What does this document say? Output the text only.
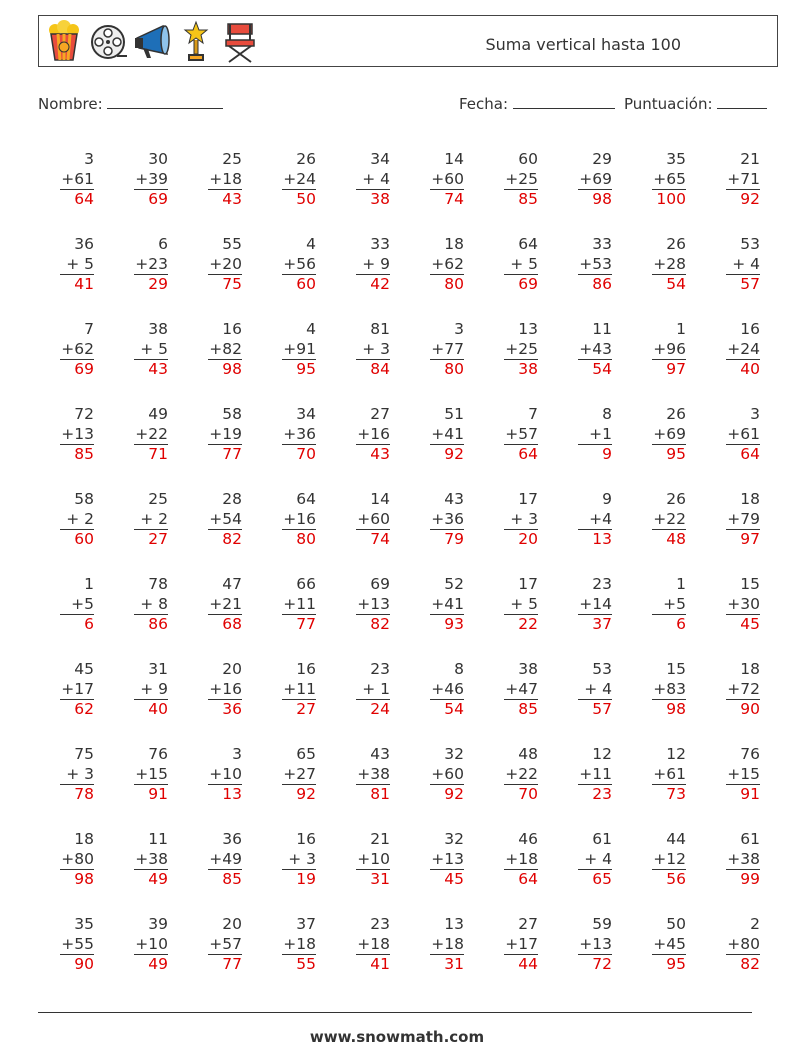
Suma vertical hasta 100
Nombre:	Fecha:	Puntuación:
3
+61
64
30
+39
69
25
+18
43
26
+24
50
34
+ 4
38
14
+60
74
60
+25
85
29
+69
98
35
+65
100
21
+71
92
36
+ 5
41
6
+23
29
55
+20
75
4
+56
60
33
+ 9
42
18
+62
80
64
+ 5
69
33
+53
86
26
+28
54
53
+ 4
57
7
+62
69
38
+ 5
43
16
+82
98
4
+91
95
81
+ 3
84
3
+77
80
13
+25
38
11
+43
54
1
+96
97
16
+24
40
72
+13
85
49
+22
71
58
+19
77
34
+36
70
27
+16
43
51
+41
92
7
+57
64
8
+1
9
26
+69
95
3
+61
64
58
+ 2
60
25
+ 2
27
28
+54
82
64
+16
80
14
+60
74
43
+36
79
17
+ 3
20
9
+4
13
26
+22
48
18
+79
97
1
+5
6
78
+ 8
86
47
+21
68
66
+11
77
69
+13
82
52
+41
93
17
+ 5
22
23
+14
37
1
+5
6
15
+30
45
45
+17
62
31
+ 9
40
20
+16
36
16
+11
27
23
+ 1
24
8
+46
54
38
+47
85
53
+ 4
57
15
+83
98
18
+72
90
75
+ 3
78
76
+15
91
3
+10
13
65
+27
92
43
+38
81
32
+60
92
48
+22
70
12
+11
23
12
+61
73
76
+15
91
18
+80
98
11
+38
49
36
+49
85
16
+ 3
19
21
+10
31
32
+13
45
46
+18
64
61
+ 4
65
44
+12
56
61
+38
99
35
+55
90
39
+10
49
20
+57
77
37
+18
55
23
+18
41
13
+18
31
27
+17
44
59
+13
72
50
+45
95
2
+80
82
www.snowmath.com
